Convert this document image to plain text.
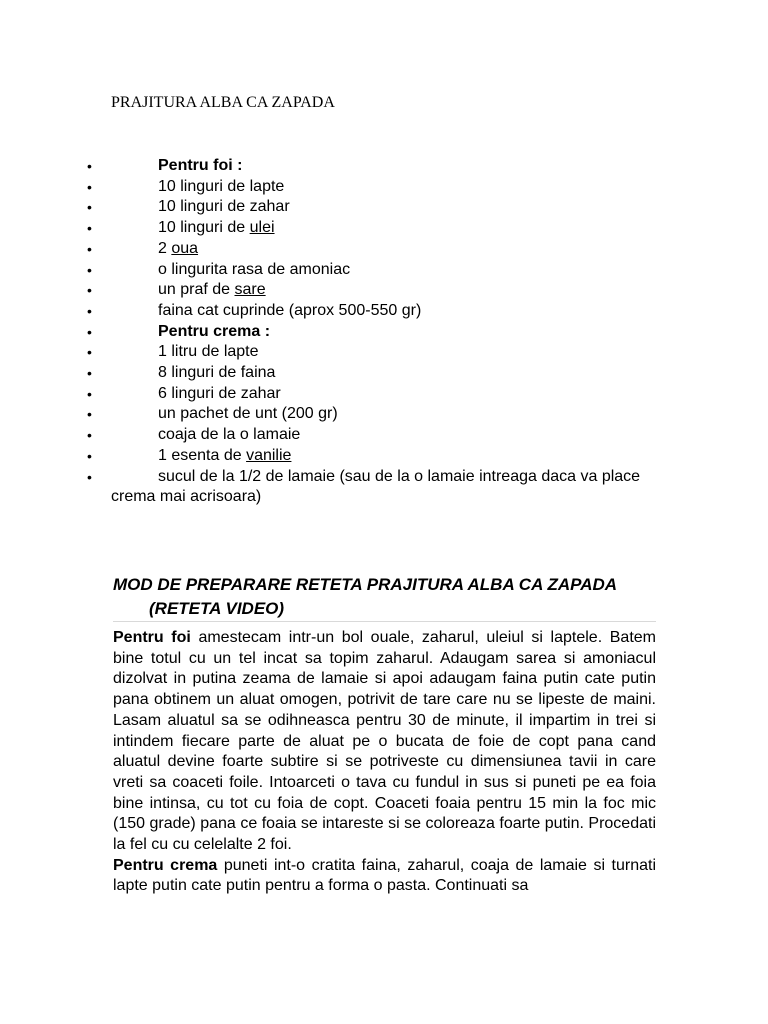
PRAJITURA ALBA CA ZAPADA
•	Pentru foi :
•	10 linguri de lapte
•	10 linguri de zahar
•	10 linguri de ulei
•	2 oua
•	o lingurita rasa de amoniac
•	un praf de sare
•	faina cat cuprinde (aprox 500-550 gr)
•	Pentru crema :
•	1 litru de lapte
•	8 linguri de faina
•	6 linguri de zahar
•	un pachet de unt (200 gr)
•	coaja de la o lamaie
•	1 esenta de vanilie
•	sucul de la 1/2 de lamaie (sau de la o lamaie intreaga daca va place crema mai acrisoara)
MOD DE PREPARARE RETETA PRAJITURA ALBA CA ZAPADA
(RETETA VIDEO)

Pentru foi amestecam intr-un bol ouale, zaharul, uleiul si laptele. Batem bine totul cu un tel incat sa topim zaharul. Adaugam sarea si amoniacul dizolvat in putina zeama de lamaie si apoi adaugam faina putin cate putin pana obtinem un aluat omogen, potrivit de tare care nu se lipeste de maini. Lasam aluatul sa se odihneasca pentru 30 de minute, il impartim in trei si intindem fiecare parte de aluat pe o bucata de foie de copt pana cand aluatul devine foarte subtire si se potriveste cu dimensiunea tavii in care vreti sa coaceti foile. Intoarceti o tava cu fundul in sus si puneti pe ea foia bine intinsa, cu tot cu foia de copt. Coaceti foaia pentru 15 min la foc mic (150 grade) pana ce foaia se intareste si se coloreaza foarte putin. Procedati la fel cu cu celelalte 2 foi.

Pentru crema puneti int-o cratita faina, zaharul, coaja de lamaie si turnati lapte putin cate putin pentru a forma o pasta. Continuati sa
